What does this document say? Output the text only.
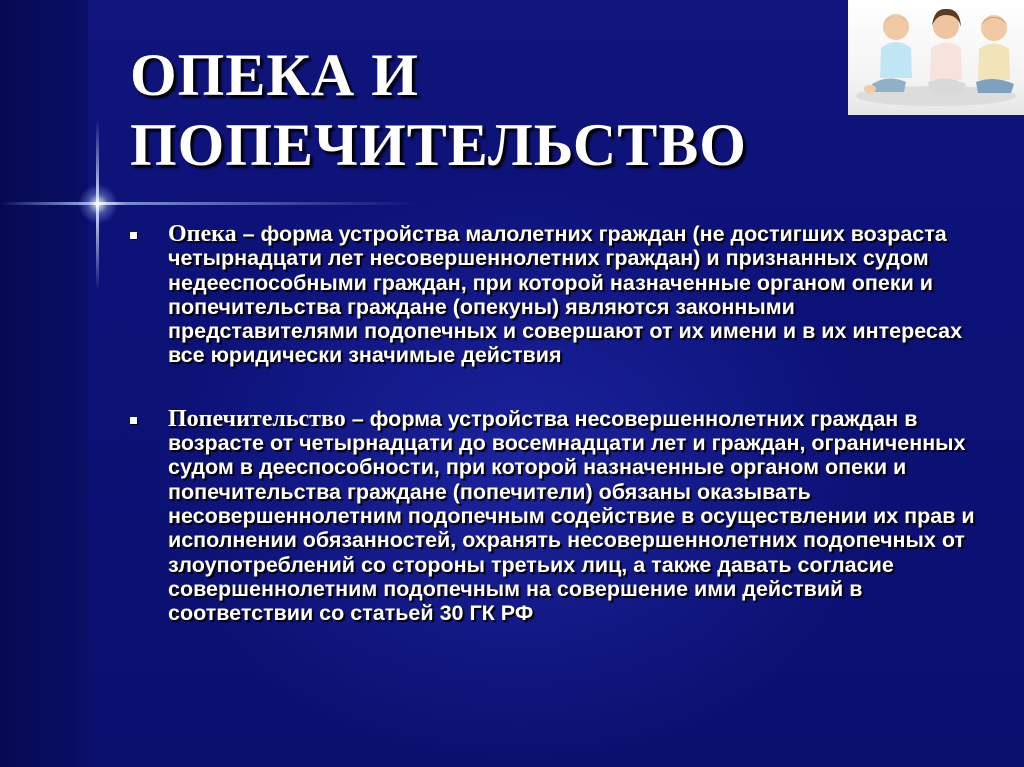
ОПЕКА И
ПОПЕЧИТЕЛЬСТВО

Опека – форма устройства малолетних граждан (не достигших возраста четырнадцати лет несовершеннолетних граждан) и признанных судом недееспособными граждан, при которой назначенные органом опеки и попечительства граждане (опекуны) являются законными представителями подопечных и совершают от их имени и в их интересах все юридически значимые действия

Попечительство – форма устройства несовершеннолетних граждан в возрасте от четырнадцати до восемнадцати лет и граждан, ограниченных судом в дееспособности, при которой назначенные органом опеки и попечительства граждане (попечители) обязаны оказывать несовершеннолетним подопечным содействие в осуществлении их прав и исполнении обязанностей, охранять несовершеннолетних подопечных от злоупотреблений со стороны третьих лиц, а также давать согласие совершеннолетним подопечным на совершение ими действий в соответствии со статьей 30 ГК РФ
